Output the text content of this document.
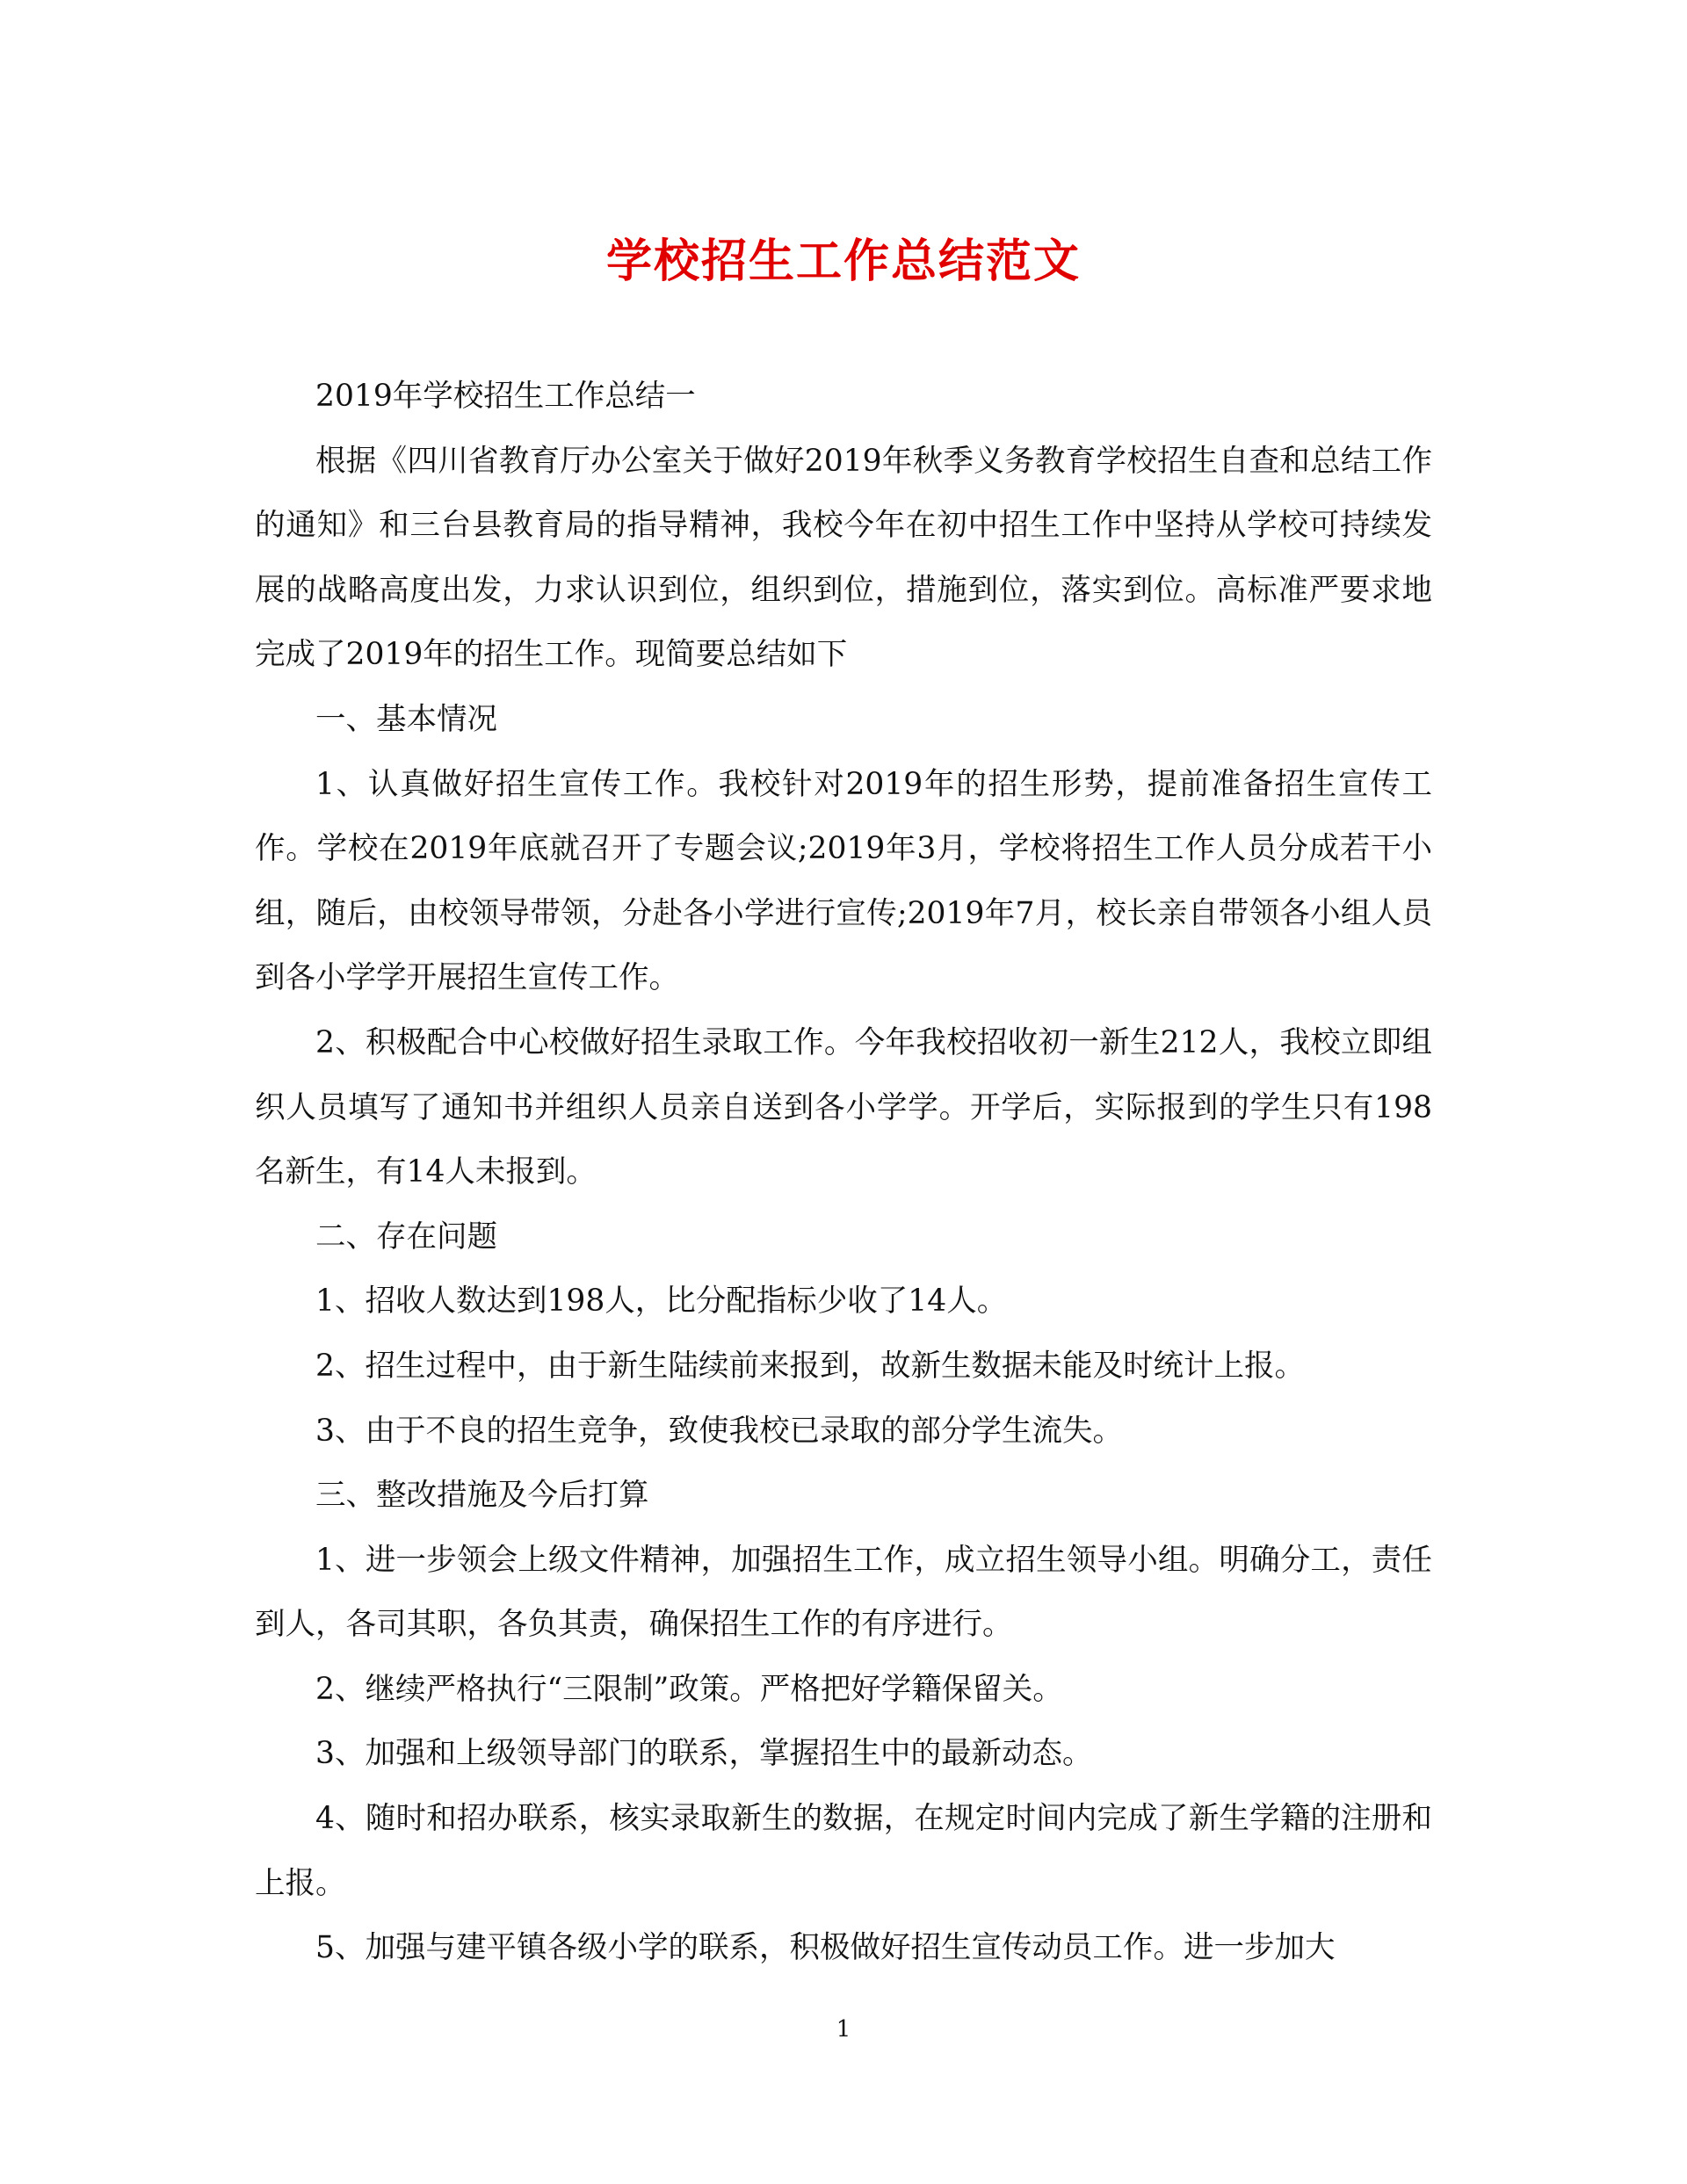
学校招生工作总结范文

2019年学校招生工作总结一

根据《四川省教育厅办公室关于做好2019年秋季义务教育学校招生自查和总结工作的通知》和三台县教育局的指导精神，我校今年在初中招生工作中坚持从学校可持续发展的战略高度出发，力求认识到位，组织到位，措施到位，落实到位。高标准严要求地完成了2019年的招生工作。现简要总结如下

一、基本情况

1、认真做好招生宣传工作。我校针对2019年的招生形势，提前准备招生宣传工作。学校在2019年底就召开了专题会议;2019年3月，学校将招生工作人员分成若干小组，随后，由校领导带领，分赴各小学进行宣传;2019年7月，校长亲自带领各小组人员到各小学学开展招生宣传工作。

2、积极配合中心校做好招生录取工作。今年我校招收初一新生212人，我校立即组织人员填写了通知书并组织人员亲自送到各小学学。开学后，实际报到的学生只有198名新生，有14人未报到。

二、存在问题

1、招收人数达到198人，比分配指标少收了14人。

2、招生过程中，由于新生陆续前来报到，故新生数据未能及时统计上报。

3、由于不良的招生竞争，致使我校已录取的部分学生流失。

三、整改措施及今后打算

1、进一步领会上级文件精神，加强招生工作，成立招生领导小组。明确分工，责任到人，各司其职，各负其责，确保招生工作的有序进行。

2、继续严格执行“三限制”政策。严格把好学籍保留关。

3、加强和上级领导部门的联系，掌握招生中的最新动态。

4、随时和招办联系，核实录取新生的数据，在规定时间内完成了新生学籍的注册和上报。

5、加强与建平镇各级小学的联系，积极做好招生宣传动员工作。进一步加大

1
